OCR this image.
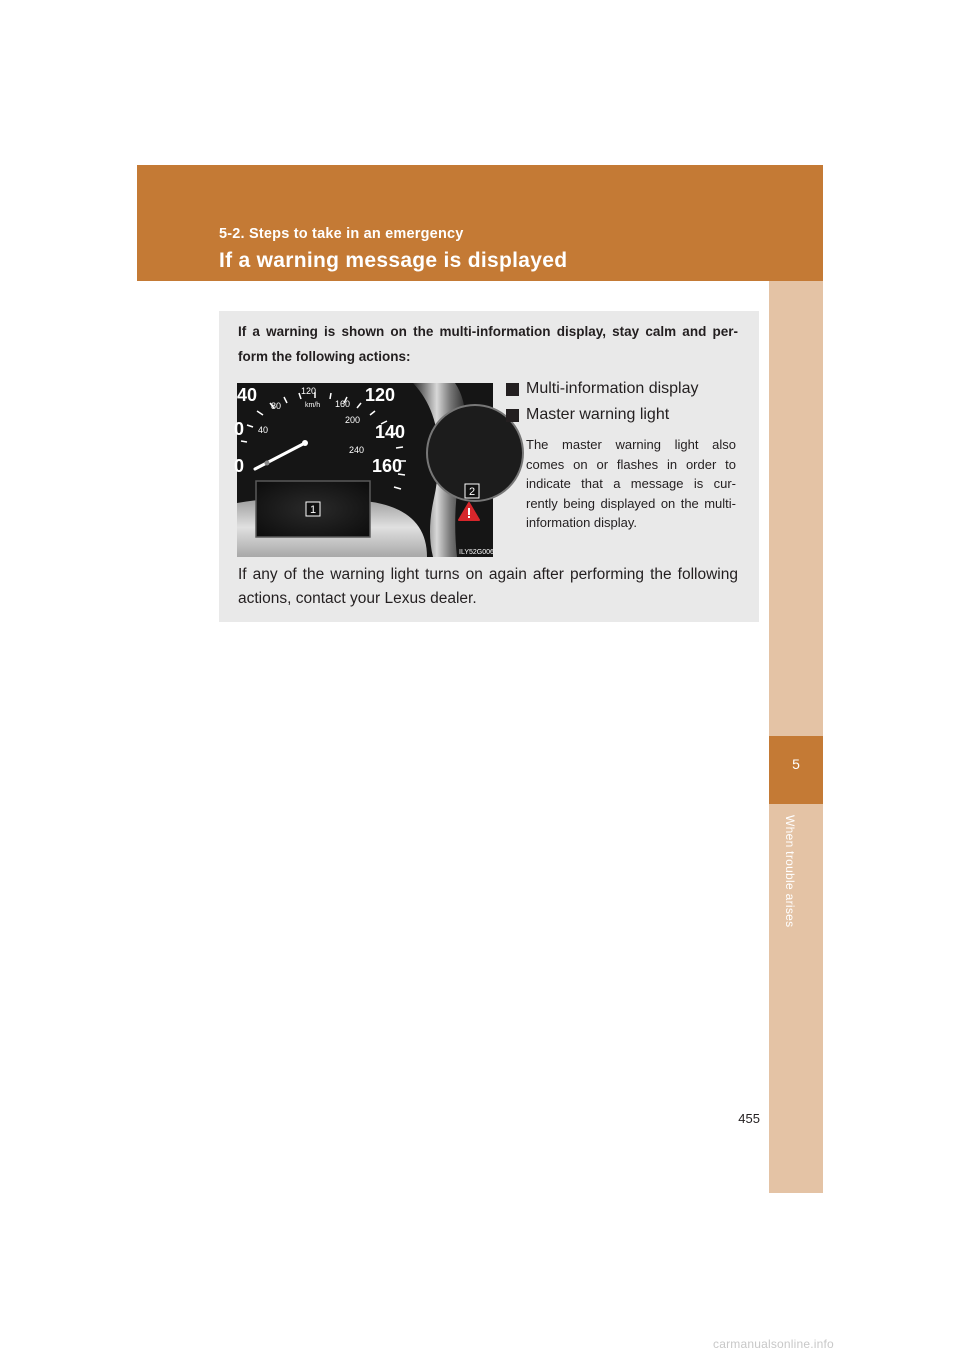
5-2. Steps to take in an emergency
If a warning message is displayed
5
When trouble arises

If a warning is shown on the multi-information display, stay calm and per- form the following actions:

40
80
120
160
200
240
120
140
160
0 40
0
km/h
1
2
ILY52G006
Multi-information display
Master warning light

The master warning light also comes on or flashes in order to indicate that a message is cur- rently being displayed on the multi-information display.

If any of the warning light turns on again after performing the following actions, contact your Lexus dealer.

455
carmanualsonline.info
